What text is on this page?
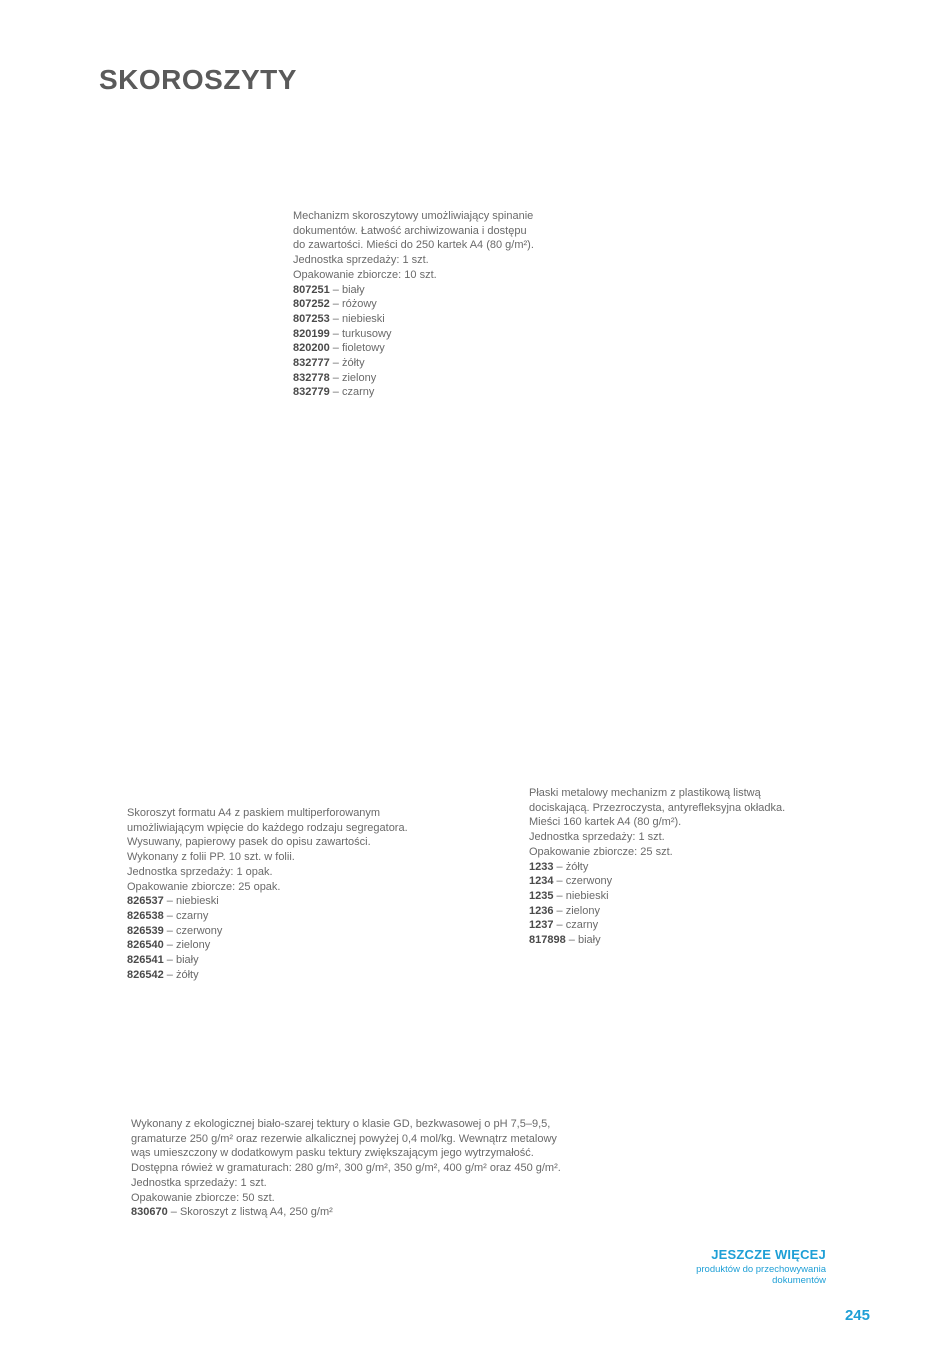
SKOROSZYTY

Mechanizm skoroszytowy umożliwiający spinanie

dokumentów. Łatwość archiwizowania i dostępu

do zawartości. Mieści do 250 kartek A4 (80 g/m²).

Jednostka sprzedaży: 1 szt.

Opakowanie zbiorcze: 10 szt.

807251 – biały
807252 – różowy
807253 – niebieski
820199 – turkusowy
820200 – fioletowy
832777 – żółty
832778 – zielony
832779 – czarny

Skoroszyt formatu A4 z paskiem multiperforowanym

umożliwiającym wpięcie do każdego rodzaju segregatora.

Wysuwany, papierowy pasek do opisu zawartości.

Wykonany z folii PP. 10 szt. w folii.

Jednostka sprzedaży: 1 opak.

Opakowanie zbiorcze: 25 opak.

826537 – niebieski
826538 – czarny
826539 – czerwony
826540 – zielony
826541 – biały
826542 – żółty

Płaski metalowy mechanizm z plastikową listwą

dociskającą. Przezroczysta, antyrefleksyjna okładka.

Mieści 160 kartek A4 (80 g/m²).

Jednostka sprzedaży: 1 szt.

Opakowanie zbiorcze: 25 szt.

1233 – żółty
1234 – czerwony
1235 – niebieski
1236 – zielony
1237 – czarny
817898 – biały

Wykonany z ekologicznej biało-szarej tektury o klasie GD, bezkwasowej o pH 7,5–9,5,

gramaturze 250 g/m² oraz rezerwie alkalicznej powyżej 0,4 mol/kg. Wewnątrz metalowy

wąs umieszczony w dodatkowym pasku tektury zwiększającym jego wytrzymałość.

Dostępna rówież w gramaturach: 280 g/m², 300 g/m², 350 g/m², 400 g/m² oraz 450 g/m².

Jednostka sprzedaży: 1 szt.

Opakowanie zbiorcze: 50 szt.

830670 – Skoroszyt z listwą A4, 250 g/m²
JESZCZE WIĘCEJ
produktów do przechowywania
dokumentów
245
